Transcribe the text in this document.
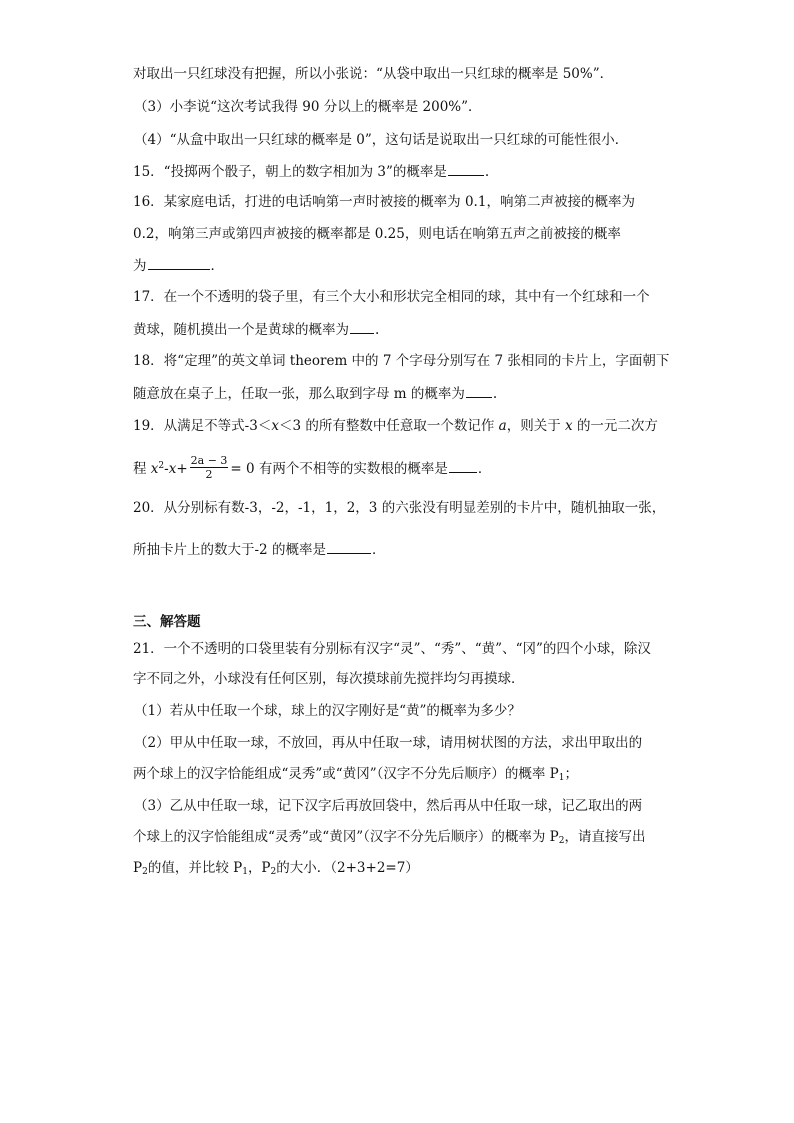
对取出一只红球没有把握，所以小张说：“从袋中取出一只红球的概率是 50%”．
（3）小李说“这次考试我得 90 分以上的概率是 200%”．
（4）“从盒中取出一只红球的概率是 0”，这句话是说取出一只红球的可能性很小．
15．“投掷两个骰子，朝上的数字相加为 3”的概率是	.
16．某家庭电话，打进的电话响第一声时被接的概率为 0.1，响第二声被接的概率为
0.2，响第三声或第四声被接的概率都是 0.25，则电话在响第五声之前被接的概率
为	．
17．在一个不透明的袋子里，有三个大小和形状完全相同的球，其中有一个红球和一个
黄球，随机摸出一个是黄球的概率为 .
18．将“定理”的英文单词 theorem 中的 7 个字母分别写在 7 张相同的卡片上，字面朝下
随意放在桌子上，任取一张，那么取到字母 m 的概率为 .
19．从满足不等式-3＜x＜3 的所有整数中任意取一个数记作 a，则关于 x 的一元二次方
程 $x^2-x+ \frac{2a - 3}{2} = 0$ 有两个不相等的实数根的概率是 ．
20．从分别标有数-3，-2，-1，1，2，3 的六张没有明显差别的卡片中，随机抽取一张，
所抽卡片上的数大于-2 的概率是	．
三、解答题
21．一个不透明的口袋里装有分别标有汉字“灵”、“秀”、“黄”、“冈”的四个小球，除汉
字不同之外，小球没有任何区别，每次摸球前先搅拌均匀再摸球．
（1）若从中任取一个球，球上的汉字刚好是“黄”的概率为多少？
（2）甲从中任取一球，不放回，再从中任取一球，请用树状图的方法，求出甲取出的
两个球上的汉字恰能组成“灵秀”或“黄冈”（汉字不分先后顺序）的概率 $P_1$；
（3）乙从中任取一球，记下汉字后再放回袋中，然后再从中任取一球，记乙取出的两
个球上的汉字恰能组成“灵秀”或“黄冈”（汉字不分先后顺序）的概率为 $P_2$，请直接写出
$P_2$的值，并比较 $P_1$，$P_2$的大小．（2+3+2=7）
